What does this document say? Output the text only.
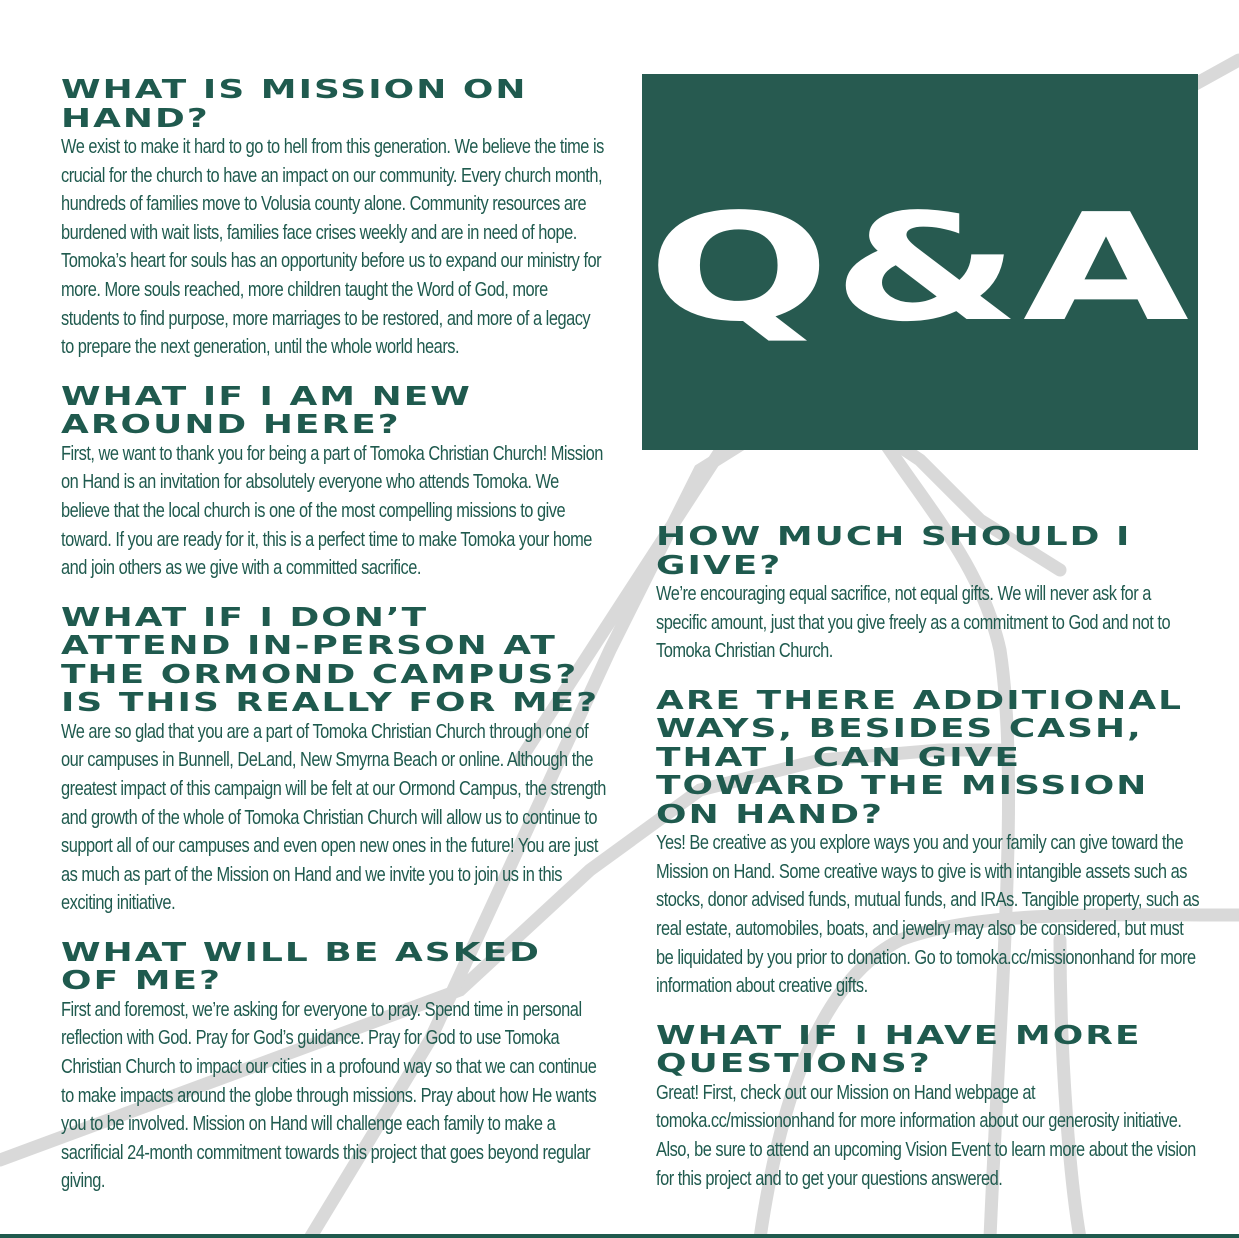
Q&A
WHAT IS MISSION ON HAND?

We exist to make it hard to go to hell from this generation. We believe the time is crucial for the church to have an impact on our community. Every church month, hundreds of families move to Volusia county alone. Community resources are burdened with wait lists, families face crises weekly and are in need of hope. Tomoka’s heart for souls has an opportunity before us to expand our ministry for more. More souls reached, more children taught the Word of God, more students to find purpose, more marriages to be restored, and more of a legacy to prepare the next generation, until the whole world hears.

WHAT IF I AM NEW AROUND HERE?

First, we want to thank you for being a part of Tomoka Christian Church! Mission on Hand is an invitation for absolutely everyone who attends Tomoka. We believe that the local church is one of the most compelling missions to give toward. If you are ready for it, this is a perfect time to make Tomoka your home and join others as we give with a committed sacrifice.

WHAT IF I DON’T ATTEND IN-PERSON AT THE ORMOND CAMPUS? IS THIS REALLY FOR ME?

We are so glad that you are a part of Tomoka Christian Church through one of our campuses in Bunnell, DeLand, New Smyrna Beach or online. Although the greatest impact of this campaign will be felt at our Ormond Campus, the strength and growth of the whole of Tomoka Christian Church will allow us to continue to support all of our campuses and even open new ones in the future! You are just as much as part of the Mission on Hand and we invite you to join us in this exciting initiative.

WHAT WILL BE ASKED OF ME?

First and foremost, we’re asking for everyone to pray. Spend time in personal reflection with God. Pray for God’s guidance. Pray for God to use Tomoka Christian Church to impact our cities in a profound way so that we can continue to make impacts around the globe through missions. Pray about how He wants you to be involved. Mission on Hand will challenge each family to make a sacrificial 24-month commitment towards this project that goes beyond regular giving.

HOW MUCH SHOULD I GIVE?

We’re encouraging equal sacrifice, not equal gifts. We will never ask for a specific amount, just that you give freely as a commitment to God and not to Tomoka Christian Church.

ARE THERE ADDITIONAL WAYS, BESIDES CASH, THAT I CAN GIVE TOWARD THE MISSION ON HAND?

Yes! Be creative as you explore ways you and your family can give toward the Mission on Hand. Some creative ways to give is with intangible assets such as stocks, donor advised funds, mutual funds, and IRAs. Tangible property, such as real estate, automobiles, boats, and jewelry may also be considered, but must be liquidated by you prior to donation. Go to tomoka.cc/missiononhand for more information about creative gifts.

WHAT IF I HAVE MORE QUESTIONS?

Great! First, check out our Mission on Hand webpage at tomoka.cc/missiononhand for more information about our generosity initiative. Also, be sure to attend an upcoming Vision Event to learn more about the vision for this project and to get your questions answered.
